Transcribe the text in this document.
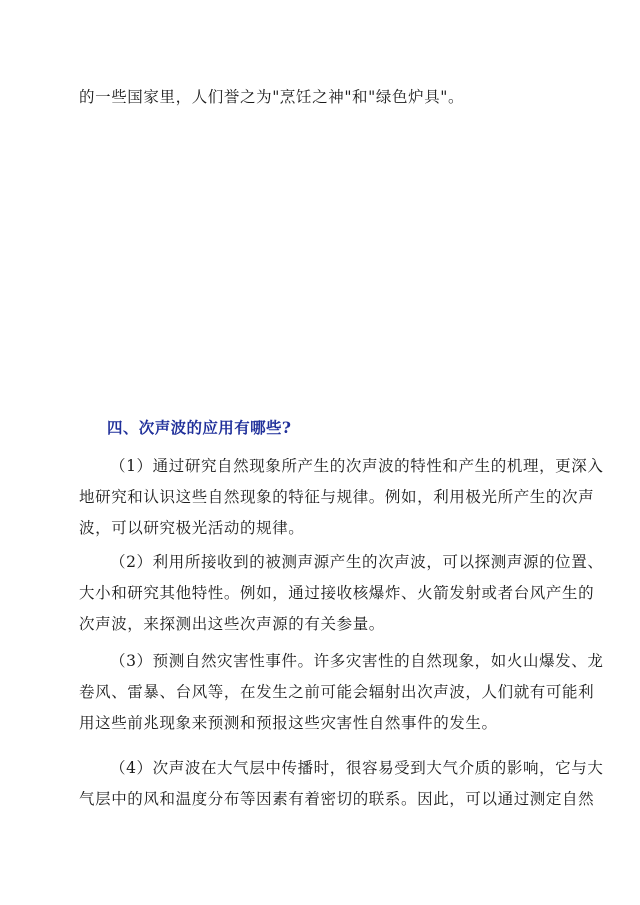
的一些国家里，人们誉之为"烹饪之神"和"绿色炉具"。
四、次声波的应用有哪些?
（1）通过研究自然现象所产生的次声波的特性和产生的机理，更深入
地研究和认识这些自然现象的特征与规律。例如，利用极光所产生的次声
波，可以研究极光活动的规律。
（2）利用所接收到的被测声源产生的次声波，可以探测声源的位置、
大小和研究其他特性。例如，通过接收核爆炸、火箭发射或者台风产生的
次声波，来探测出这些次声源的有关参量。
（3）预测自然灾害性事件。许多灾害性的自然现象，如火山爆发、龙
卷风、雷暴、台风等，在发生之前可能会辐射出次声波，人们就有可能利
用这些前兆现象来预测和预报这些灾害性自然事件的发生。
（4）次声波在大气层中传播时，很容易受到大气介质的影响，它与大
气层中的风和温度分布等因素有着密切的联系。因此，可以通过测定自然
